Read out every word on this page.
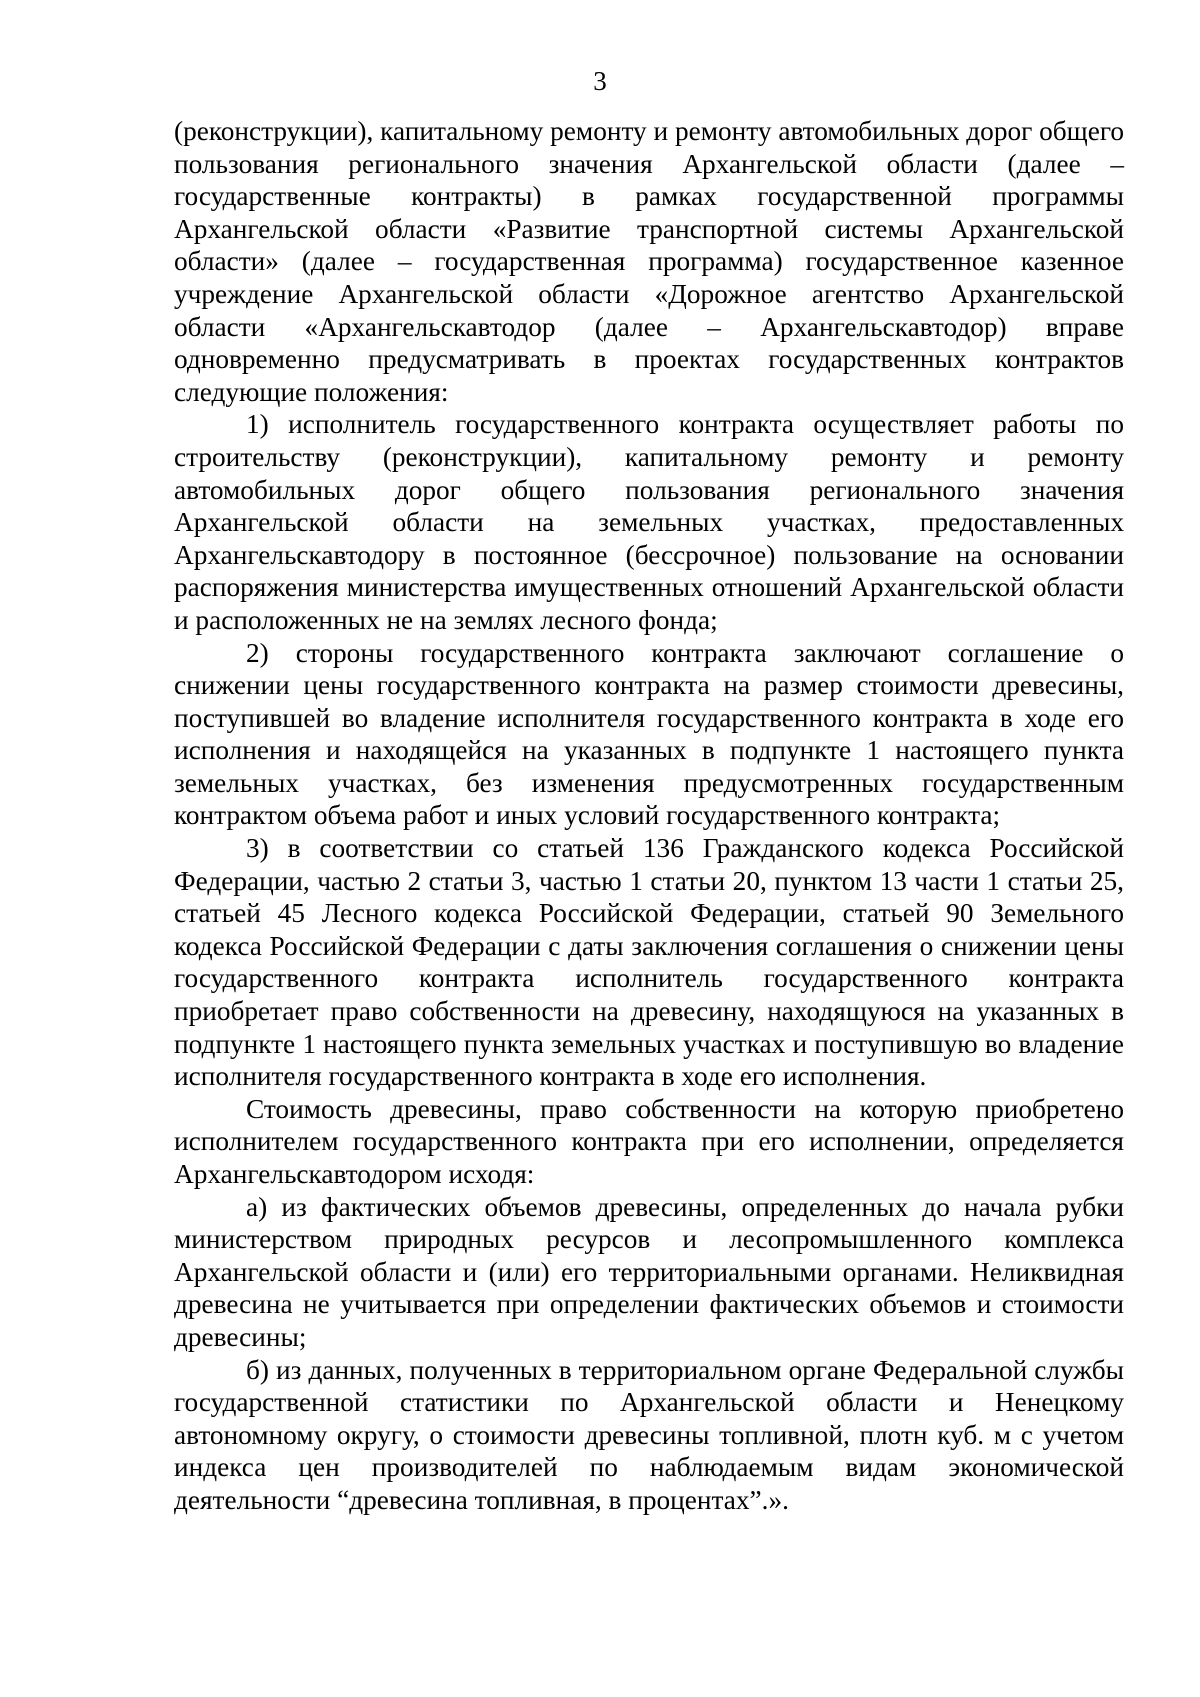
3

(реконструкции), капитальному ремонту и ремонту автомобильных дорог общего пользования регионального значения Архангельской области (далее – государственные контракты) в рамках государственной программы Архангельской области «Развитие транспортной системы Архангельской области» (далее – государственная программа) государственное казенное учреждение Архангельской области «Дорожное агентство Архангельской области «Архангельскавтодор (далее – Архангельскавтодор) вправе одновременно предусматривать в проектах государственных контрактов следующие положения:

1) исполнитель государственного контракта осуществляет работы по строительству (реконструкции), капитальному ремонту и ремонту автомобильных дорог общего пользования регионального значения Архангельской области на земельных участках, предоставленных Архангельскавтодору в постоянное (бессрочное) пользование на основании распоряжения министерства имущественных отношений Архангельской области и расположенных не на землях лесного фонда;

2) стороны государственного контракта заключают соглашение о снижении цены государственного контракта на размер стоимости древесины, поступившей во владение исполнителя государственного контракта в ходе его исполнения и находящейся на указанных в подпункте 1 настоящего пункта земельных участках, без изменения предусмотренных государственным контрактом объема работ и иных условий государственного контракта;

3) в соответствии со статьей 136 Гражданского кодекса Российской Федерации, частью 2 статьи 3, частью 1 статьи 20, пунктом 13 части 1 статьи 25, статьей 45 Лесного кодекса Российской Федерации, статьей 90 Земельного кодекса Российской Федерации с даты заключения соглашения о снижении цены государственного контракта исполнитель государственного контракта приобретает право собственности на древесину, находящуюся на указанных в подпункте 1 настоящего пункта земельных участках и поступившую во владение исполнителя государственного контракта в ходе его исполнения.

Стоимость древесины, право собственности на которую приобретено исполнителем государственного контракта при его исполнении, определяется Архангельскавтодором исходя:

а) из фактических объемов древесины, определенных до начала рубки министерством природных ресурсов и лесопромышленного комплекса Архангельской области и (или) его территориальными органами. Неликвидная древесина не учитывается при определении фактических объемов и стоимости древесины;

б) из данных, полученных в территориальном органе Федеральной службы государственной статистики по Архангельской области и Ненецкому автономному округу, о стоимости древесины топливной, плотн куб. м с учетом индекса цен производителей по наблюдаемым видам экономической деятельности “древесина топливная, в процентах”.».
